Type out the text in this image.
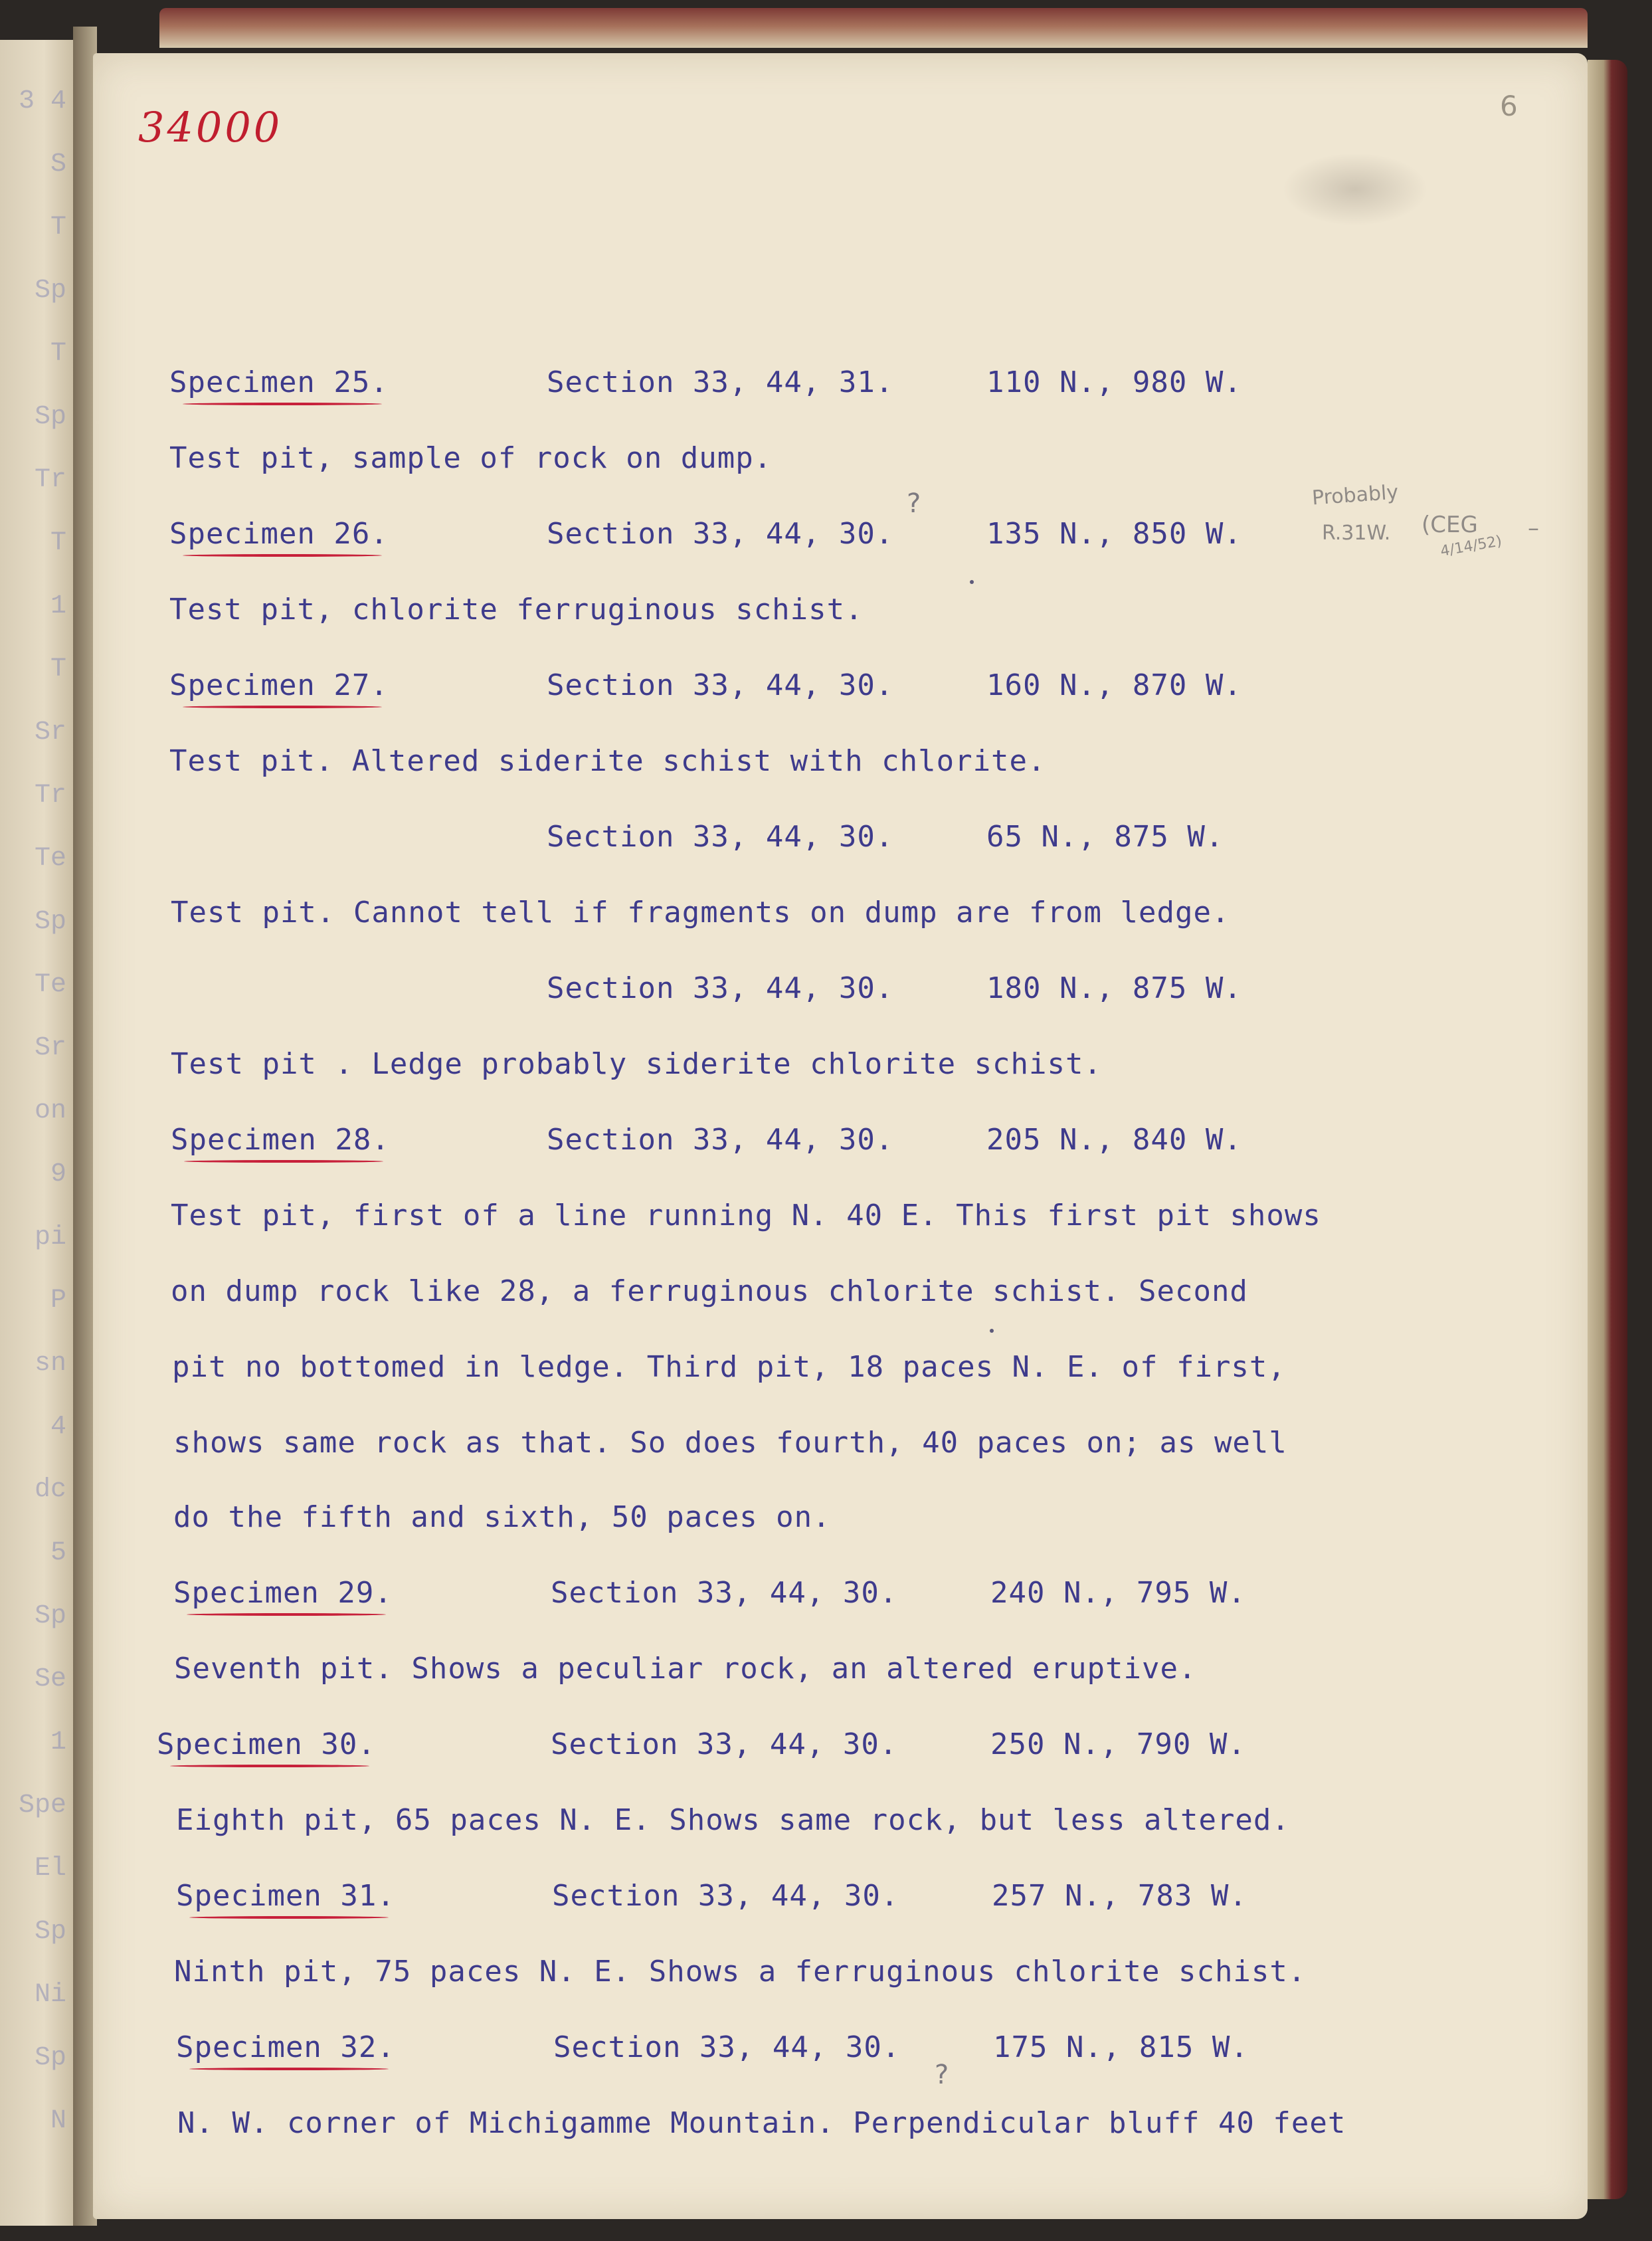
3 4
S
T
Sp
T
Sp
Tr
T
1
T
Sr
Tr
Te
Sp
Te
Sr
on
9
pi
P
sn
4
dc
5
Sp
Se
1
Spe
El
Sp
Ni
Sp
N
34000	6
Probably
R.31W. (CEG
4/14/52)
–
?
?
Specimen 25.	Section 33, 44, 31.	110 N., 980 W.
Test pit, sample of rock on dump.
Specimen 26.	Section 33, 44, 30.	135 N., 850 W.
Test pit, chlorite ferruginous schist.
Specimen 27.	Section 33, 44, 30.	160 N., 870 W.
Test pit. Altered siderite schist with chlorite.
Section 33, 44, 30.	65 N., 875 W.
Test pit. Cannot tell if fragments on dump are from ledge.
Section 33, 44, 30.	180 N., 875 W.
Test pit . Ledge probably siderite chlorite schist.
Specimen 28.	Section 33, 44, 30.	205 N., 840 W.
Test pit, first of a line running N. 40 E. This first pit shows
on dump rock like 28, a ferruginous chlorite schist. Second
pit no bottomed in ledge. Third pit, 18 paces N. E. of first,
shows same rock as that. So does fourth, 40 paces on; as well
do the fifth and sixth, 50 paces on.
Specimen 29.	Section 33, 44, 30.	240 N., 795 W.
Seventh pit. Shows a peculiar rock, an altered eruptive.
Specimen 30.	Section 33, 44, 30.	250 N., 790 W.
Eighth pit, 65 paces N. E. Shows same rock, but less altered.
Specimen 31.	Section 33, 44, 30.	257 N., 783 W.
Ninth pit, 75 paces N. E. Shows a ferruginous chlorite schist.
Specimen 32.	Section 33, 44, 30.	175 N., 815 W.
N. W. corner of Michigamme Mountain. Perpendicular bluff 40 feet
